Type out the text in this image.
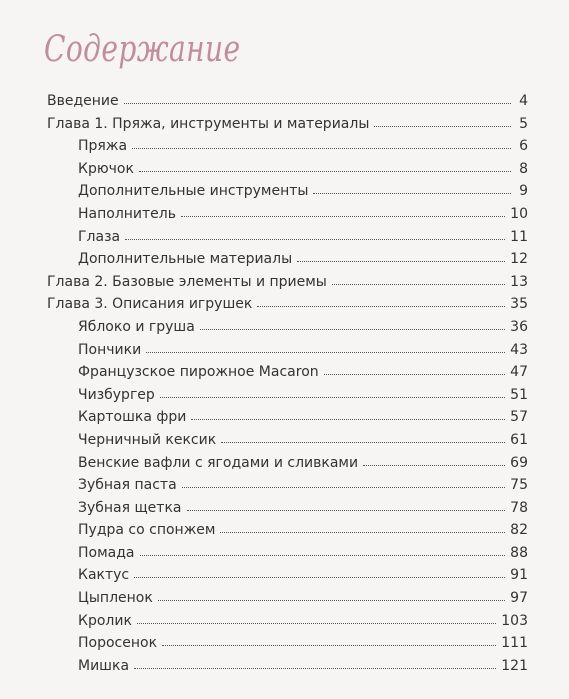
Содержание
Введение	4
Глава 1. Пряжа, инструменты и материалы	5
Пряжа	6
Крючок	8
Дополнительные инструменты	9
Наполнитель	10
Глаза	11
Дополнительные материалы	12
Глава 2. Базовые элементы и приемы	13
Глава 3. Описания игрушек	35
Яблоко и груша	36
Пончики	43
Французское пирожное Macaron	47
Чизбургер	51
Картошка фри	57
Черничный кексик	61
Венские вафли с ягодами и сливками	69
Зубная паста	75
Зубная щетка	78
Пудра со спонжем	82
Помада	88
Кактус	91
Цыпленок	97
Кролик	103
Поросенок	111
Мишка	121
